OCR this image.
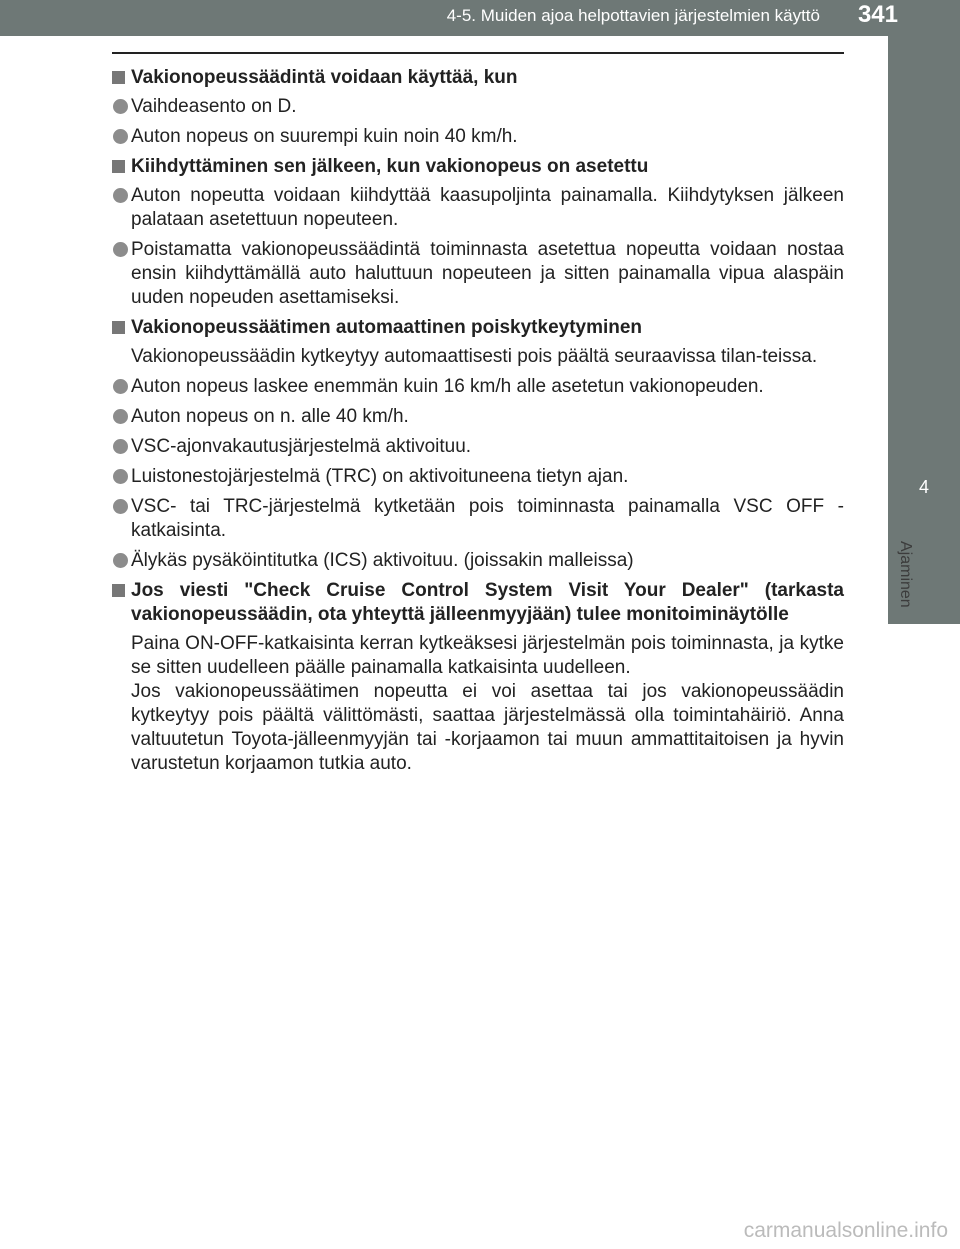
4-5. Muiden ajoa helpottavien järjestelmien käyttö 341
4
Ajaminen
Vakionopeussäädintä voidaan käyttää, kun
Vaihdeasento on D.
Auton nopeus on suurempi kuin noin 40 km/h.
Kiihdyttäminen sen jälkeen, kun vakionopeus on asetettu
Auton nopeutta voidaan kiihdyttää kaasupoljinta painamalla. Kiihdytyksen jälkeen palataan asetettuun nopeuteen.
Poistamatta vakionopeussäädintä toiminnasta asetettua nopeutta voidaan nostaa ensin kiihdyttämällä auto haluttuun nopeuteen ja sitten painamalla vipua alaspäin uuden nopeuden asettamiseksi.
Vakionopeussäätimen automaattinen poiskytkeytyminen
Vakionopeussäädin kytkeytyy automaattisesti pois päältä seuraavissa tilan-teissa.
Auton nopeus laskee enemmän kuin 16 km/h alle asetetun vakionopeuden.
Auton nopeus on n. alle 40 km/h.
VSC-ajonvakautusjärjestelmä aktivoituu.
Luistonestojärjestelmä (TRC) on aktivoituneena tietyn ajan.
VSC- tai TRC-järjestelmä kytketään pois toiminnasta painamalla VSC OFF -katkaisinta.
Älykäs pysäköintitutka (ICS) aktivoituu. (joissakin malleissa)
Jos viesti "Check Cruise Control System Visit Your Dealer" (tarkasta vakionopeussäädin, ota yhteyttä jälleenmyyjään) tulee monitoiminäytölle
Paina ON-OFF-katkaisinta kerran kytkeäksesi järjestelmän pois toiminnasta, ja kytke se sitten uudelleen päälle painamalla katkaisinta uudelleen.
Jos vakionopeussäätimen nopeutta ei voi asettaa tai jos vakionopeussäädin kytkeytyy pois päältä välittömästi, saattaa järjestelmässä olla toimintahäiriö. Anna valtuutetun Toyota-jälleenmyyjän tai -korjaamon tai muun ammattitaitoisen ja hyvin varustetun korjaamon tutkia auto.
carmanualsonline.info
